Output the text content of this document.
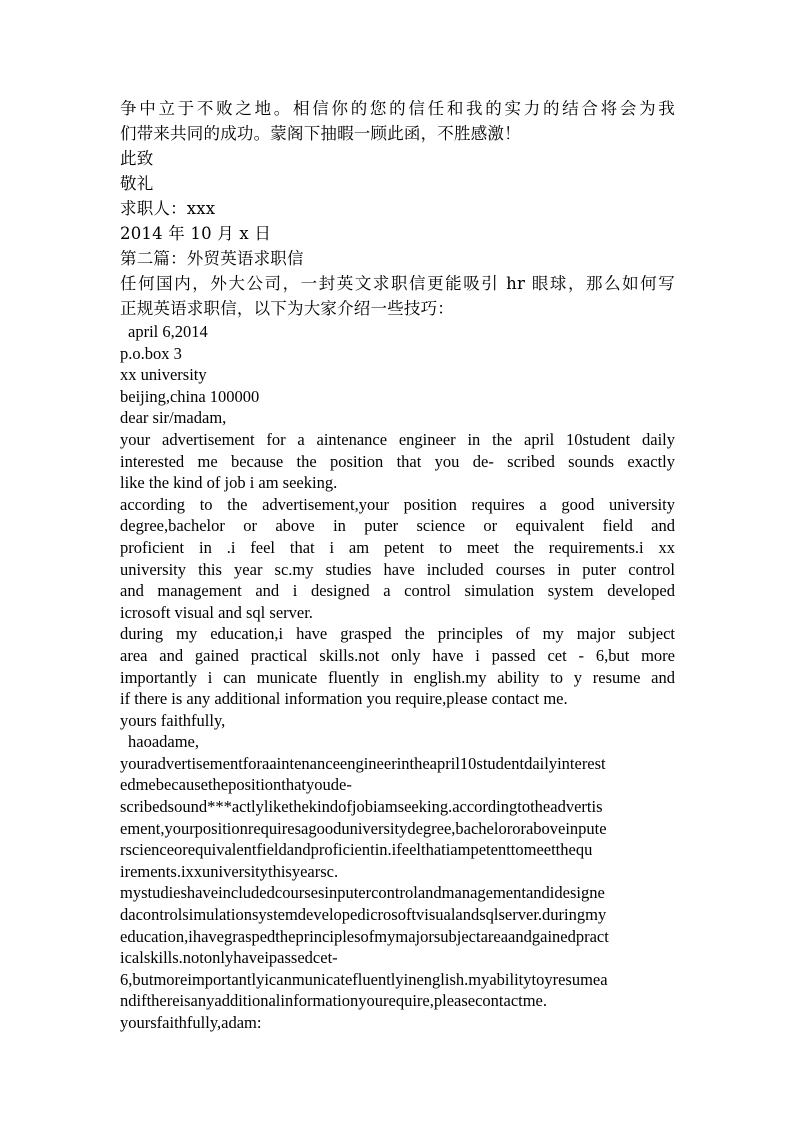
争中立于不败之地。相信你的您的信任和我的实力的结合将会为我
们带来共同的成功。蒙阁下抽暇一顾此函，不胜感激！
此致
敬礼
求职人：xxx
2014 年 10 月 x 日
第二篇：外贸英语求职信
任何国内，外大公司，一封英文求职信更能吸引 hr 眼球，那么如何写
正规英语求职信，以下为大家介绍一些技巧：
april 6,2014
p.o.box 3
xx university
beijing,china 100000
dear sir/madam,
your advertisement for a aintenance engineer in the april 10student daily
interested me because the position that you de- scribed sounds exactly
like the kind of job i am seeking.
according to the advertisement,your position requires a good university
degree,bachelor or above in puter science or equivalent field and
proficient in .i feel that i am petent to meet the requirements.i xx
university this year sc.my studies have included courses in puter control
and management and i designed a control simulation system developed
icrosoft visual and sql server.
during my education,i have grasped the principles of my major subject
area and gained practical skills.not only have i passed cet - 6,but more
importantly i can municate fluently in english.my ability to y resume and
if there is any additional information you require,please contact me.
yours faithfully,
haoadame,
youradvertisementforaaintenanceengineerintheapril10studentdailyinterest
edmebecausethepositionthatyoude-
scribedsound***actlylikethekindofjobiamseeking.accordingtotheadvertis
ement,yourpositionrequiresagooduniversitydegree,bachelororaboveinpute
rscienceorequivalentfieldandproficientin.ifeelthatiampetenttomeetthequ
irements.ixxuniversitythisyearsc.
mystudieshaveincludedcoursesinputercontrolandmanagementandidesigne
dacontrolsimulationsystemdevelopedicrosoftvisualandsqlserver.duringmy
education,ihavegraspedtheprinciplesofmymajorsubjectareaandgainedpract
icalskills.notonlyhaveipassedcet-
6,butmoreimportantlyicanmunicatefluentlyinenglish.myabilitytoyresumea
ndifthereisanyadditionalinformationyourequire,pleasecontactme.
yoursfaithfully,adam:
